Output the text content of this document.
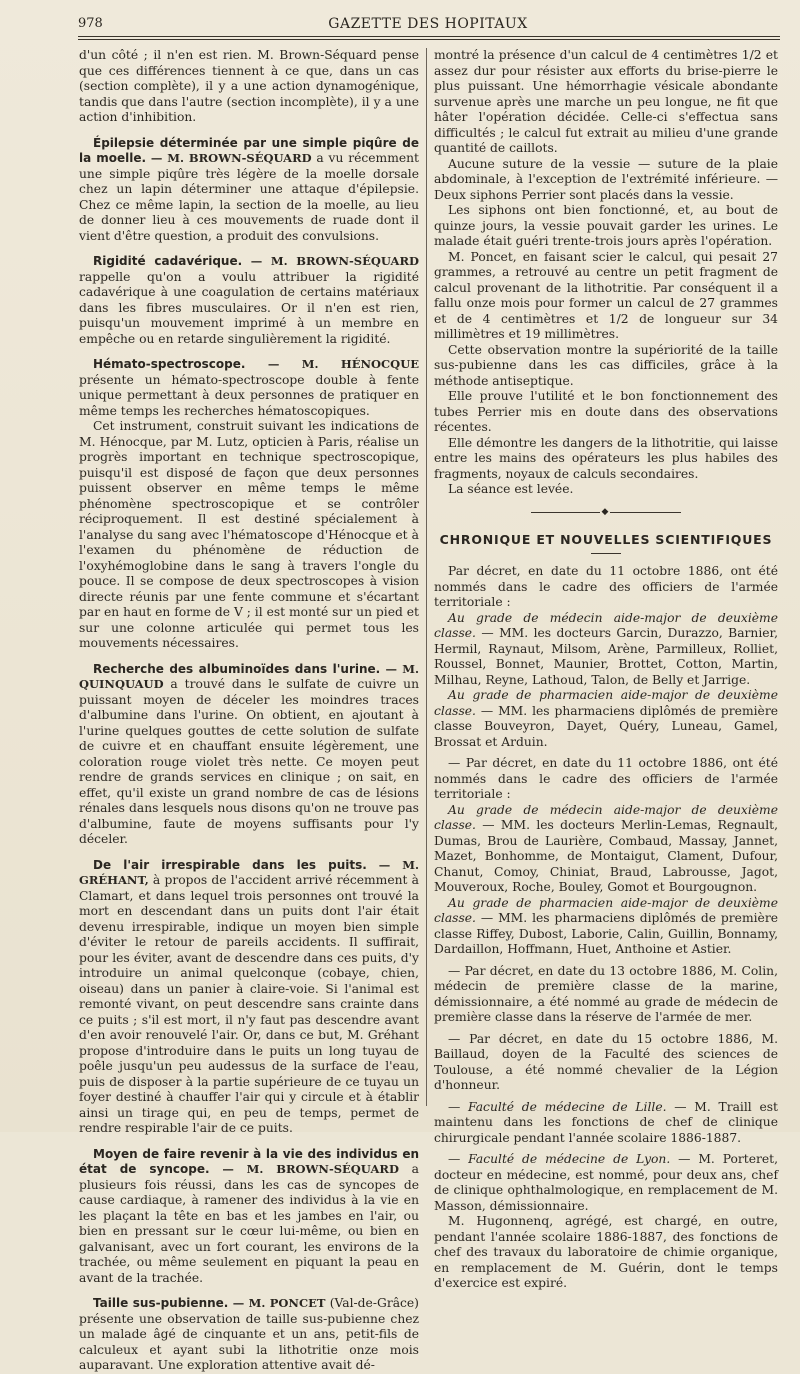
978	GAZETTE DES HOPITAUX

d'un côté ; il n'en est rien. M. Brown-Séquard pense que ces différences tiennent à ce que, dans un cas (section complète), il y a une action dynamogénique, tandis que dans l'autre (section incomplète), il y a une action d'inhibition.

Épilepsie déterminée par une simple piqûre de la moelle. — M. BROWN-SÉQUARD a vu récemment une simple piqûre très légère de la moelle dorsale chez un lapin déterminer une attaque d'épilepsie. Chez ce même lapin, la section de la moelle, au lieu de donner lieu à ces mouvements de ruade dont il vient d'être question, a produit des convulsions.

Rigidité cadavérique. — M. BROWN-SÉQUARD rappelle qu'on a voulu attribuer la rigidité cadavérique à une coagulation de certains matériaux dans les fibres musculaires. Or il n'en est rien, puisqu'un mouvement imprimé à un membre en empêche ou en retarde singulièrement la rigidité.

Hémato-spectroscope. — M. HÉNOCQUE présente un hémato-spectroscope double à fente unique permettant à deux personnes de pratiquer en même temps les recherches hématoscopiques.

Cet instrument, construit suivant les indications de M. Hénocque, par M. Lutz, opticien à Paris, réalise un progrès important en technique spectroscopique, puisqu'il est disposé de façon que deux personnes puissent observer en même temps le même phénomène spectroscopique et se contrôler réciproquement. Il est destiné spécialement à l'analyse du sang avec l'hématoscope d'Hénocque et à l'examen du phénomène de réduction de l'oxyhémoglobine dans le sang à travers l'ongle du pouce. Il se compose de deux spectroscopes à vision directe réunis par une fente commune et s'écartant par en haut en forme de V ; il est monté sur un pied et sur une colonne articulée qui permet tous les mouvements nécessaires.

Recherche des albuminoïdes dans l'urine. — M. QUINQUAUD a trouvé dans le sulfate de cuivre un puissant moyen de déceler les moindres traces d'albumine dans l'urine. On obtient, en ajoutant à l'urine quelques gouttes de cette solution de sulfate de cuivre et en chauffant ensuite légèrement, une coloration rouge violet très nette. Ce moyen peut rendre de grands services en clinique ; on sait, en effet, qu'il existe un grand nombre de cas de lésions rénales dans lesquels nous disons qu'on ne trouve pas d'albumine, faute de moyens suffisants pour l'y déceler.

De l'air irrespirable dans les puits. — M. GRÉHANT, à propos de l'accident arrivé récemment à Clamart, et dans lequel trois personnes ont trouvé la mort en descendant dans un puits dont l'air était devenu irrespirable, indique un moyen bien simple d'éviter le retour de pareils accidents. Il suffirait, pour les éviter, avant de descendre dans ces puits, d'y introduire un animal quelconque (cobaye, chien, oiseau) dans un panier à claire-voie. Si l'animal est remonté vivant, on peut descendre sans crainte dans ce puits ; s'il est mort, il n'y faut pas descendre avant d'en avoir renouvelé l'air. Or, dans ce but, M. Gréhant propose d'introduire dans le puits un long tuyau de poêle jusqu'un peu audessus de la surface de l'eau, puis de disposer à la partie supérieure de ce tuyau un foyer destiné à chauffer l'air qui y circule et à établir ainsi un tirage qui, en peu de temps, permet de rendre respirable l'air de ce puits.

Moyen de faire revenir à la vie des individus en état de syncope. — M. BROWN-SÉQUARD a plusieurs fois réussi, dans les cas de syncopes de cause cardiaque, à ramener des individus à la vie en les plaçant la tête en bas et les jambes en l'air, ou bien en pressant sur le cœur lui-même, ou bien en galvanisant, avec un fort courant, les environs de la trachée, ou même seulement en piquant la peau en avant de la trachée.

Taille sus-pubienne. — M. PONCET (Val-de-Grâce) présente une observation de taille sus-pubienne chez un malade âgé de cinquante et un ans, petit-fils de calculeux et ayant subi la lithotritie onze mois auparavant. Une exploration attentive avait dé-

montré la présence d'un calcul de 4 centimètres 1/2 et assez dur pour résister aux efforts du brise-pierre le plus puissant. Une hémorrhagie vésicale abondante survenue après une marche un peu longue, ne fit que hâter l'opération décidée. Celle-ci s'effectua sans difficultés ; le calcul fut extrait au milieu d'une grande quantité de caillots.

Aucune suture de la vessie — suture de la plaie abdominale, à l'exception de l'extrémité inférieure. — Deux siphons Perrier sont placés dans la vessie.

Les siphons ont bien fonctionné, et, au bout de quinze jours, la vessie pouvait garder les urines. Le malade était guéri trente-trois jours après l'opération.

M. Poncet, en faisant scier le calcul, qui pesait 27 grammes, a retrouvé au centre un petit fragment de calcul provenant de la lithotritie. Par conséquent il a fallu onze mois pour former un calcul de 27 grammes et de 4 centimètres et 1/2 de longueur sur 34 millimètres et 19 millimètres.

Cette observation montre la supériorité de la taille sus-pubienne dans les cas difficiles, grâce à la méthode antiseptique.

Elle prouve l'utilité et le bon fonctionnement des tubes Perrier mis en doute dans des observations récentes.

Elle démontre les dangers de la lithotritie, qui laisse entre les mains des opérateurs les plus habiles des fragments, noyaux de calculs secondaires.

La séance est levée.

◆
CHRONIQUE ET NOUVELLES SCIENTIFIQUES

Par décret, en date du 11 octobre 1886, ont été nommés dans le cadre des officiers de l'armée territoriale :

Au grade de médecin aide-major de deuxième classe. — MM. les docteurs Garcin, Durazzo, Barnier, Hermil, Raynaut, Milsom, Arène, Parmilleux, Rolliet, Roussel, Bonnet, Maunier, Brottet, Cotton, Martin, Milhau, Reyne, Lathoud, Talon, de Belly et Jarrige.

Au grade de pharmacien aide-major de deuxième classe. — MM. les pharmaciens diplômés de première classe Bouveyron, Dayet, Quéry, Luneau, Gamel, Brossat et Arduin.

— Par décret, en date du 11 octobre 1886, ont été nommés dans le cadre des officiers de l'armée territoriale :

Au grade de médecin aide-major de deuxième classe. — MM. les docteurs Merlin-Lemas, Regnault, Dumas, Brou de Laurière, Combaud, Massay, Jannet, Mazet, Bonhomme, de Montaigut, Clament, Dufour, Chanut, Comoy, Chiniat, Braud, Labrousse, Jagot, Mouveroux, Roche, Bouley, Gomot et Bourgougnon.

Au grade de pharmacien aide-major de deuxième classe. — MM. les pharmaciens diplômés de première classe Riffey, Dubost, Laborie, Calin, Guillin, Bonnamy, Dardaillon, Hoffmann, Huet, Anthoine et Astier.

— Par décret, en date du 13 octobre 1886, M. Colin, médecin de première classe de la marine, démissionnaire, a été nommé au grade de médecin de première classe dans la réserve de l'armée de mer.

— Par décret, en date du 15 octobre 1886, M. Baillaud, doyen de la Faculté des sciences de Toulouse, a été nommé chevalier de la Légion d'honneur.

— Faculté de médecine de Lille. — M. Traill est maintenu dans les fonctions de chef de clinique chirurgicale pendant l'année scolaire 1886-1887.

— Faculté de médecine de Lyon. — M. Porteret, docteur en médecine, est nommé, pour deux ans, chef de clinique ophthalmologique, en remplacement de M. Masson, démissionnaire.

M. Hugonnenq, agrégé, est chargé, en outre, pendant l'année scolaire 1886-1887, des fonctions de chef des travaux du laboratoire de chimie organique, en remplacement de M. Guérin, dont le temps d'exercice est expiré.
